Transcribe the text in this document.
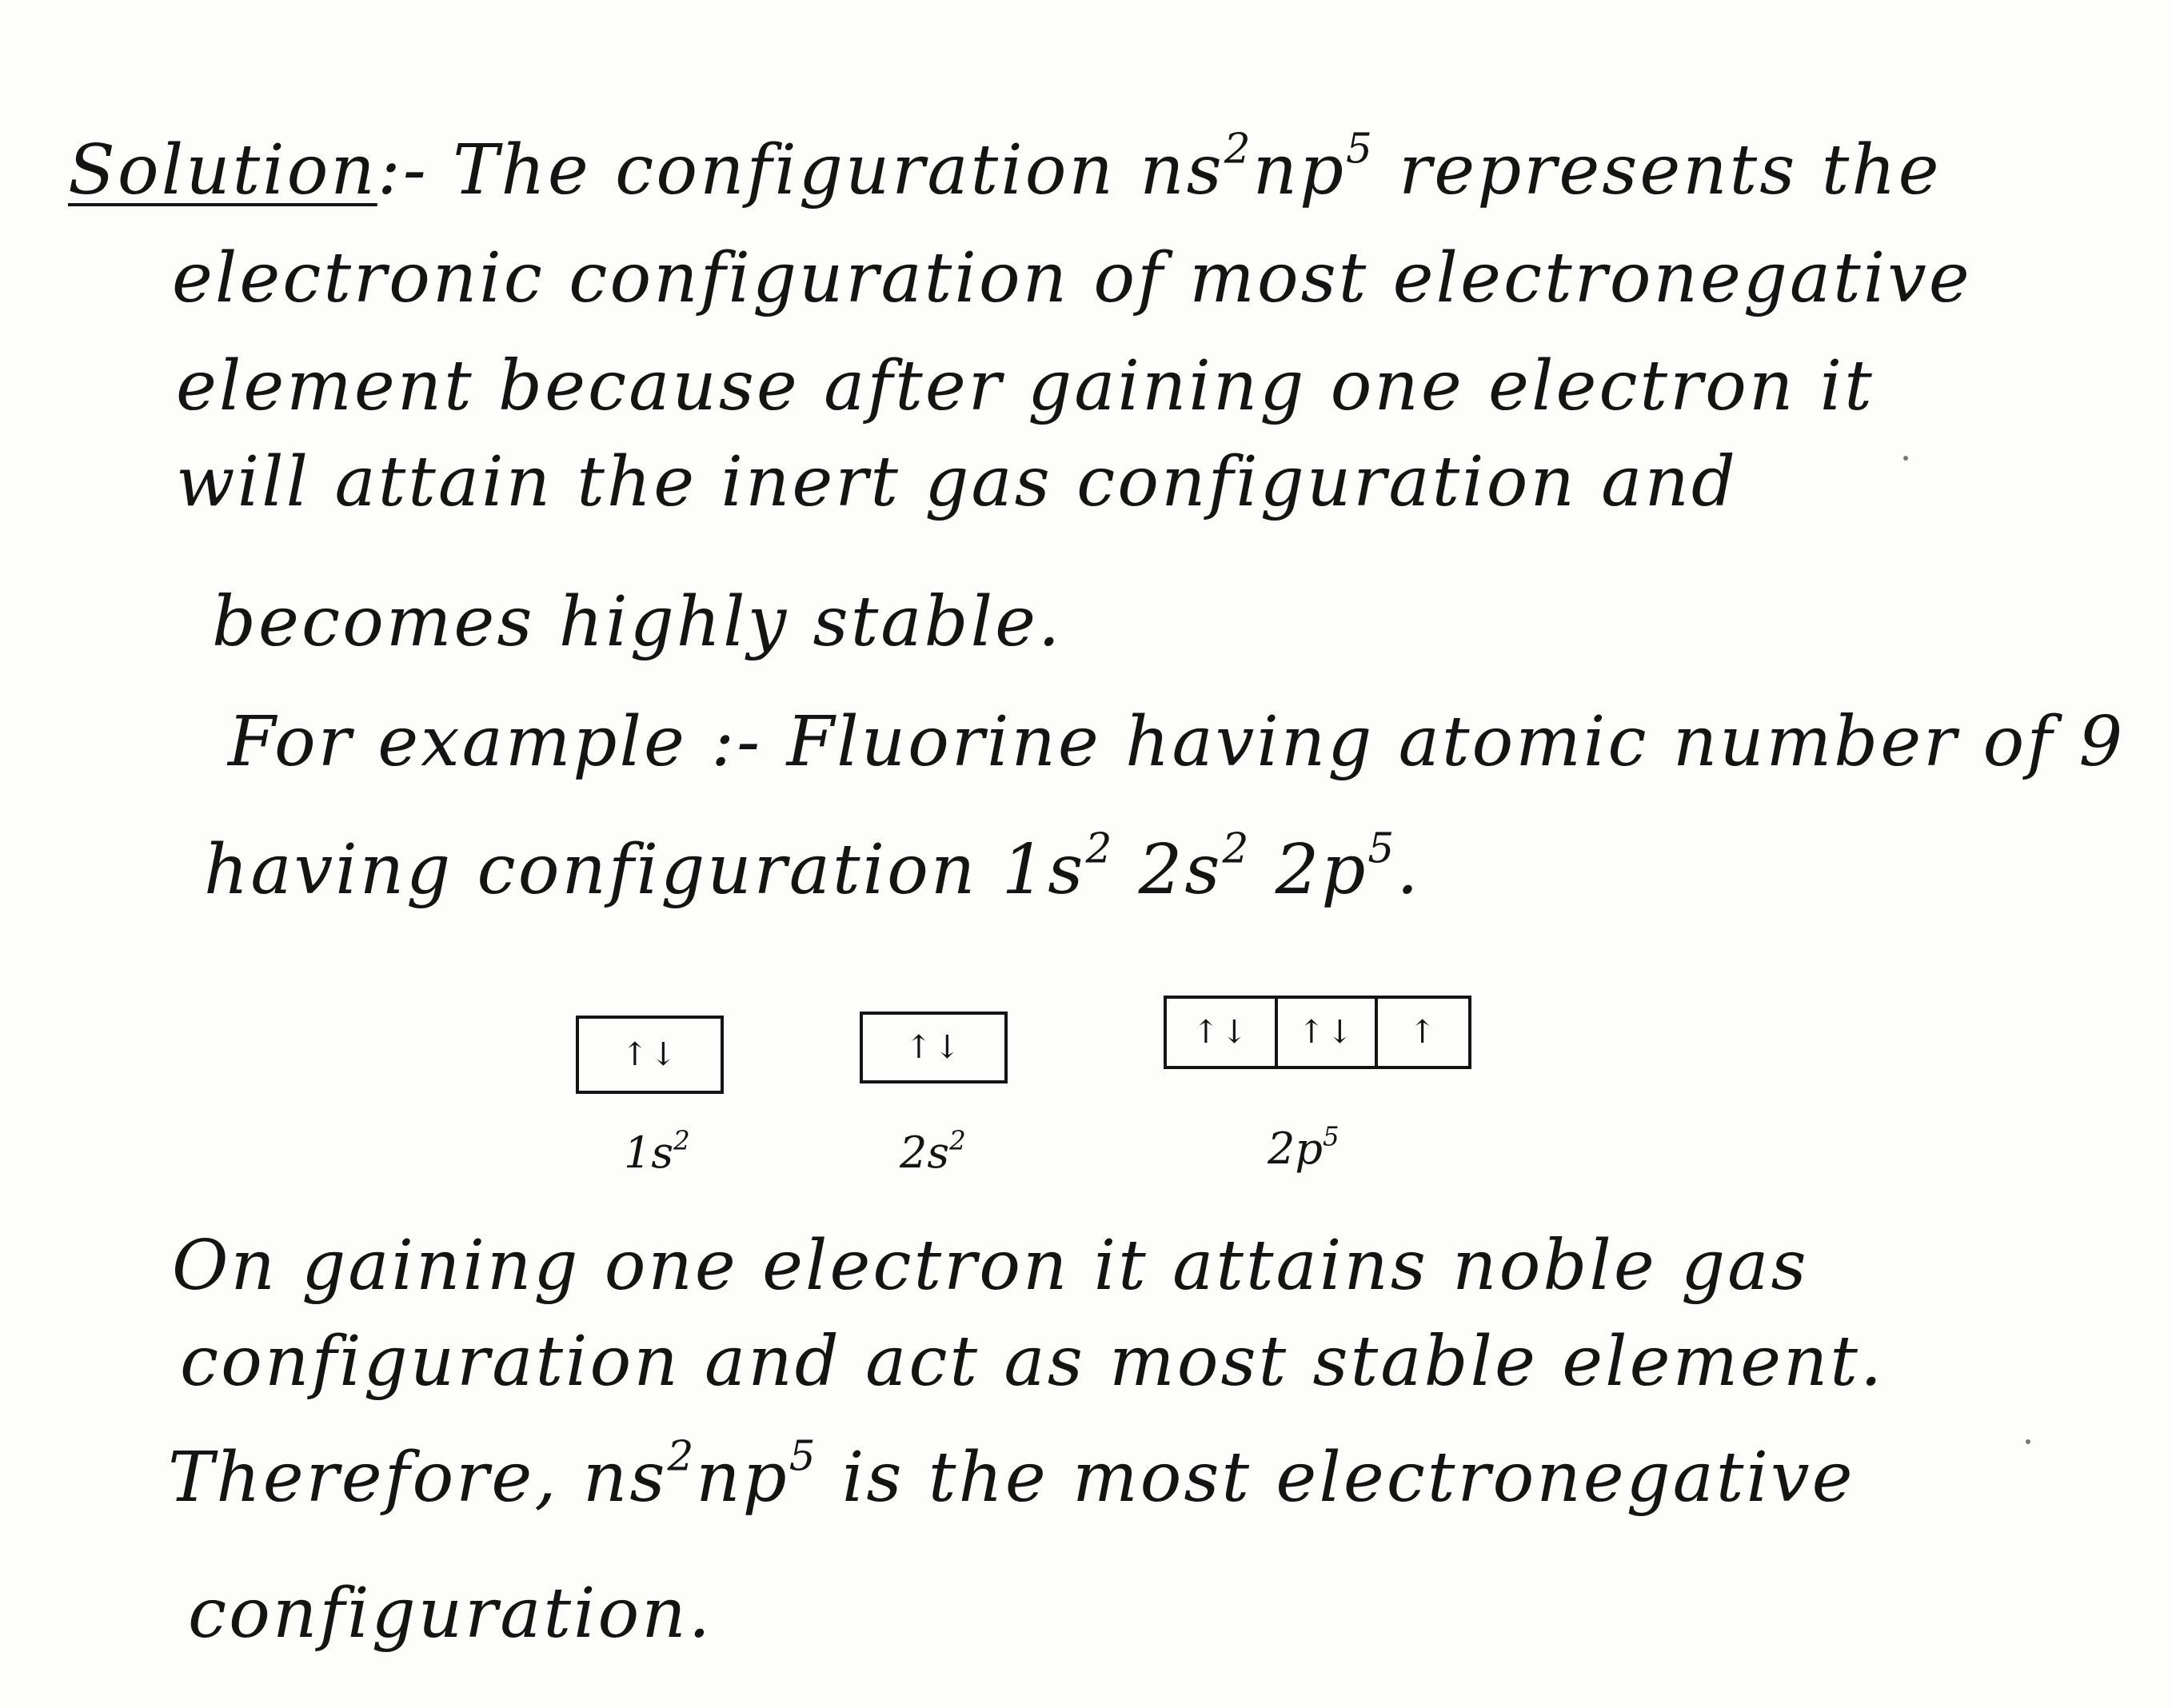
Solution:- The configuration $ns^2np^5$ represents the
electronic configuration of most electronegative
element because after gaining one electron it
will attain the inert gas configuration and
becomes highly stable.
For example :- Fluorine having atomic number of 9
having configuration $1s^2$ $2s^2$ $2p^5$.
↑↓
$1s^2$
↑↓
$2s^2$
↑↓	↑↓	↑
$2p^5$
On gaining one electron it attains noble gas
configuration and act as most stable element.
Therefore, $ns^2np^5$ is the most electronegative
configuration.
